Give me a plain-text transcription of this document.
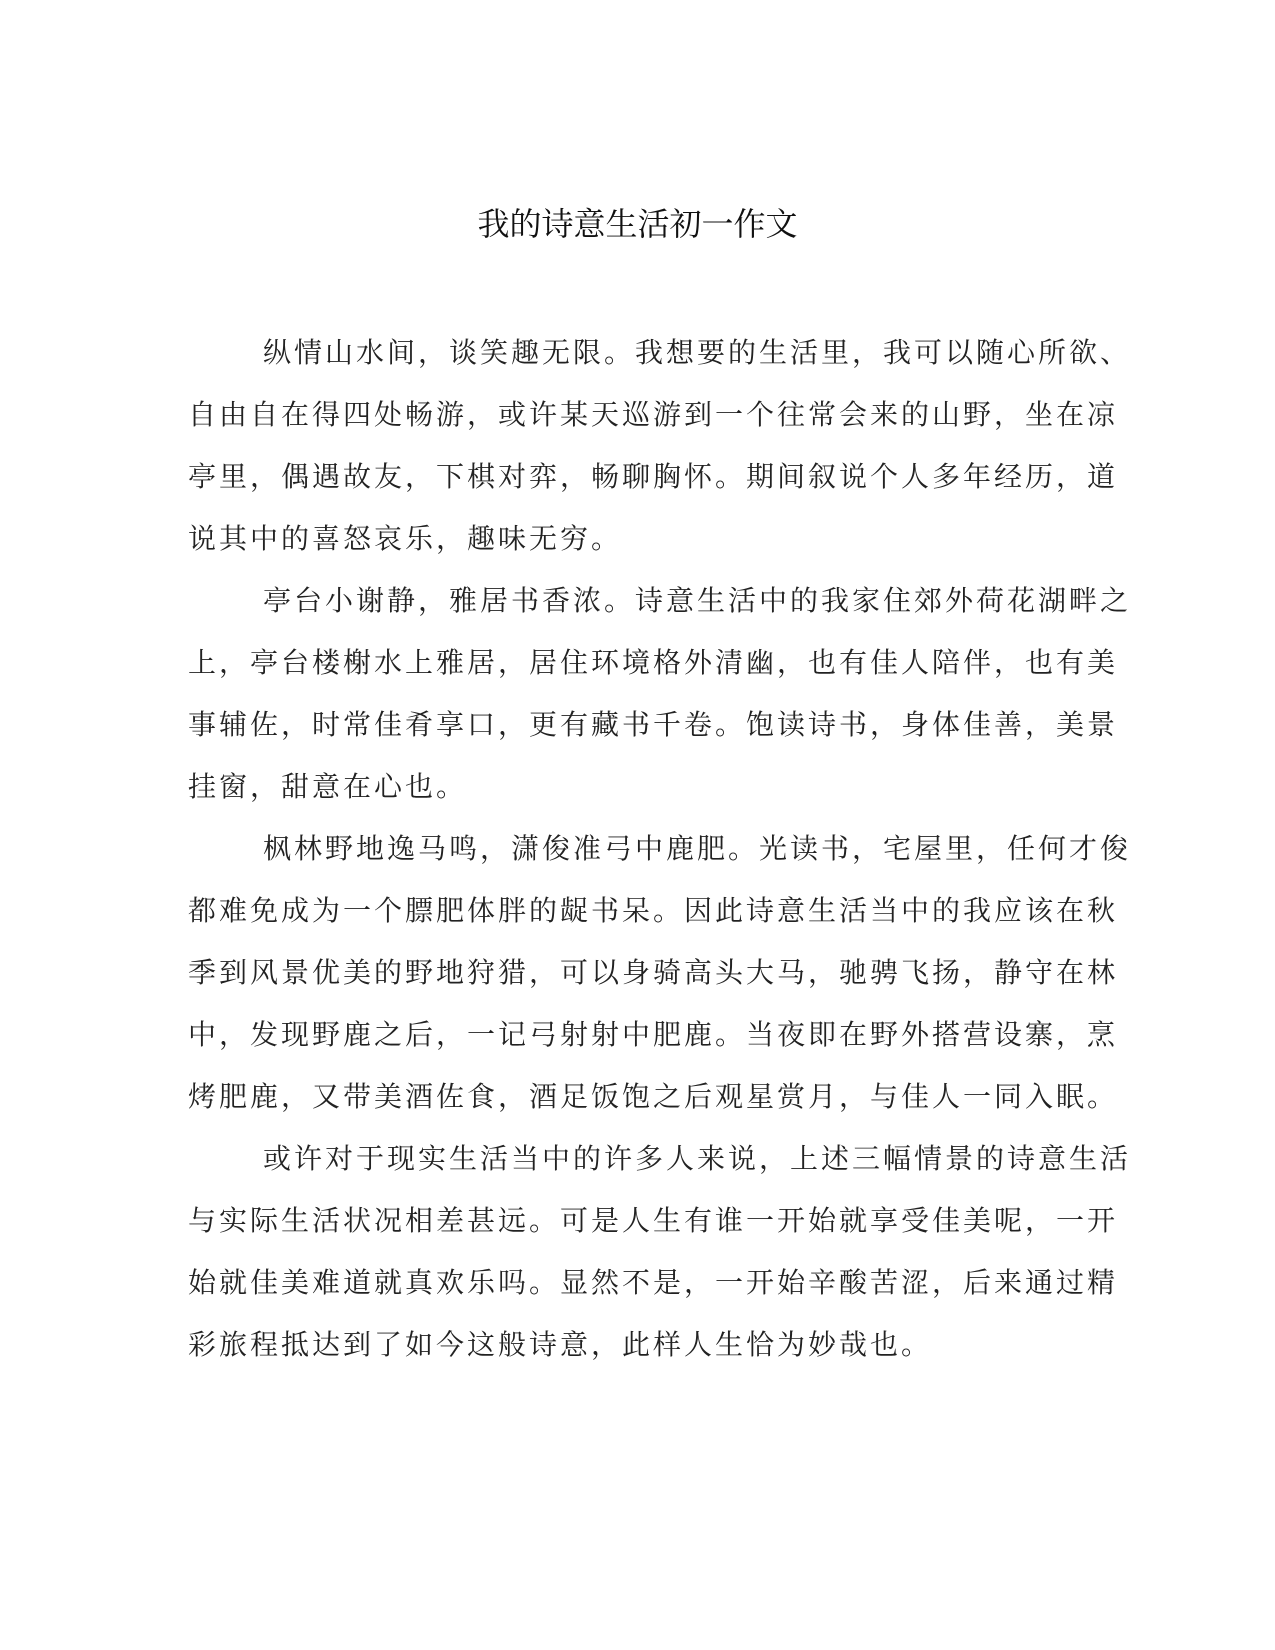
我的诗意生活初一作文
纵情山水间，谈笑趣无限。我想要的生活里，我可以随心所欲、
自由自在得四处畅游，或许某天巡游到一个往常会来的山野，坐在凉
亭里，偶遇故友，下棋对弈，畅聊胸怀。期间叙说个人多年经历，道
说其中的喜怒哀乐，趣味无穷。
亭台小谢静，雅居书香浓。诗意生活中的我家住郊外荷花湖畔之
上，亭台楼榭水上雅居，居住环境格外清幽，也有佳人陪伴，也有美
事辅佐，时常佳肴享口，更有藏书千卷。饱读诗书，身体佳善，美景
挂窗，甜意在心也。
枫林野地逸马鸣，潇俊准弓中鹿肥。光读书，宅屋里，任何才俊
都难免成为一个膘肥体胖的龊书呆。因此诗意生活当中的我应该在秋
季到风景优美的野地狩猎，可以身骑高头大马，驰骋飞扬，静守在林
中，发现野鹿之后，一记弓射射中肥鹿。当夜即在野外搭营设寨，烹
烤肥鹿，又带美酒佐食，酒足饭饱之后观星赏月，与佳人一同入眠。
或许对于现实生活当中的许多人来说，上述三幅情景的诗意生活
与实际生活状况相差甚远。可是人生有谁一开始就享受佳美呢，一开
始就佳美难道就真欢乐吗。显然不是，一开始辛酸苦涩，后来通过精
彩旅程抵达到了如今这般诗意，此样人生恰为妙哉也。
